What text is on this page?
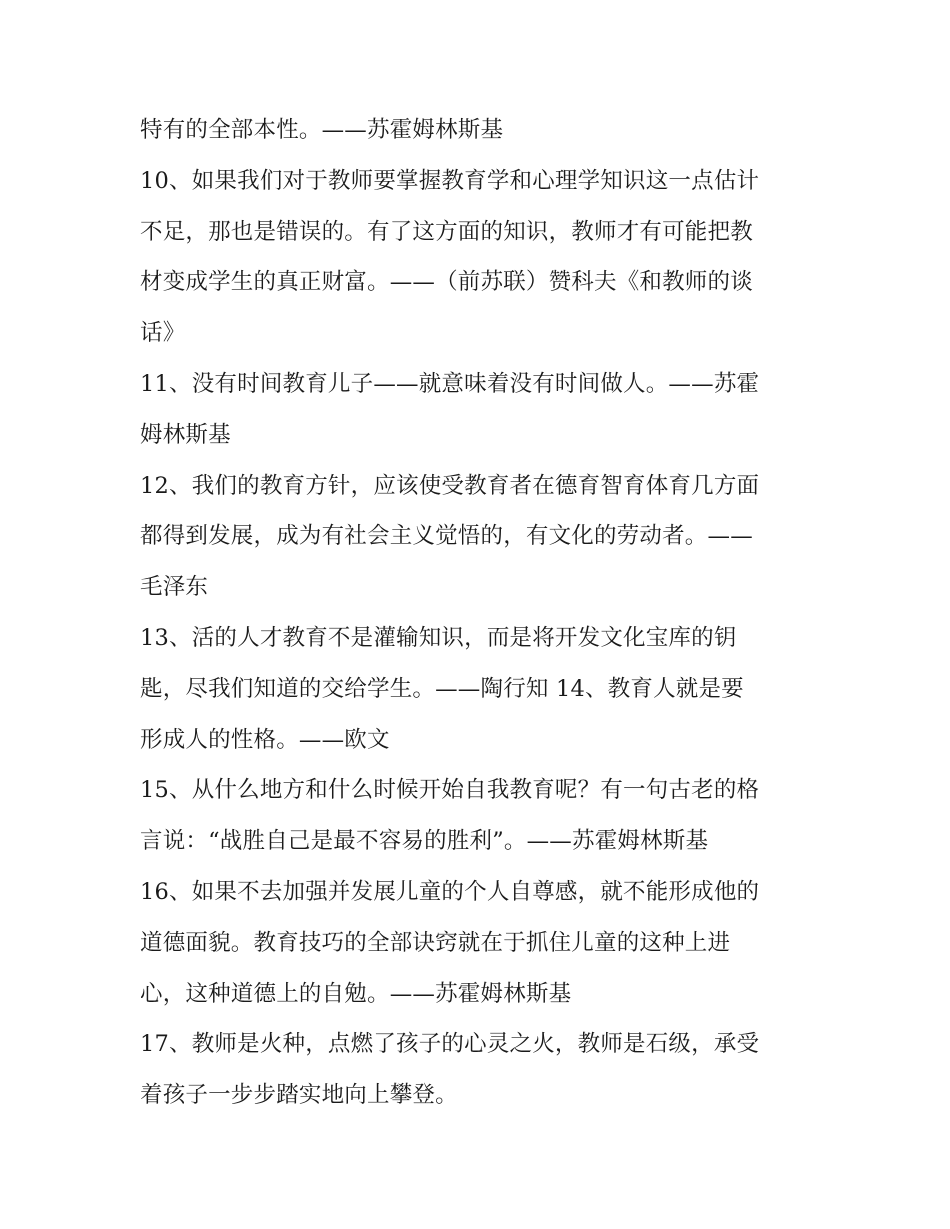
特有的全部本性。——苏霍姆林斯基
10、如果我们对于教师要掌握教育学和心理学知识这一点估计
不足，那也是错误的。有了这方面的知识，教师才有可能把教
材变成学生的真正财富。——（前苏联）赞科夫《和教师的谈
话》
11、没有时间教育儿子——就意味着没有时间做人。——苏霍
姆林斯基
12、我们的教育方针，应该使受教育者在德育智育体育几方面
都得到发展，成为有社会主义觉悟的，有文化的劳动者。——
毛泽东
13、活的人才教育不是灌输知识，而是将开发文化宝库的钥
匙，尽我们知道的交给学生。——陶行知 14、教育人就是要
形成人的性格。——欧文
15、从什么地方和什么时候开始自我教育呢？有一句古老的格
言说：“战胜自己是最不容易的胜利”。——苏霍姆林斯基
16、如果不去加强并发展儿童的个人自尊感，就不能形成他的
道德面貌。教育技巧的全部诀窍就在于抓住儿童的这种上进
心，这种道德上的自勉。——苏霍姆林斯基
17、教师是火种，点燃了孩子的心灵之火，教师是石级，承受
着孩子一步步踏实地向上攀登。
